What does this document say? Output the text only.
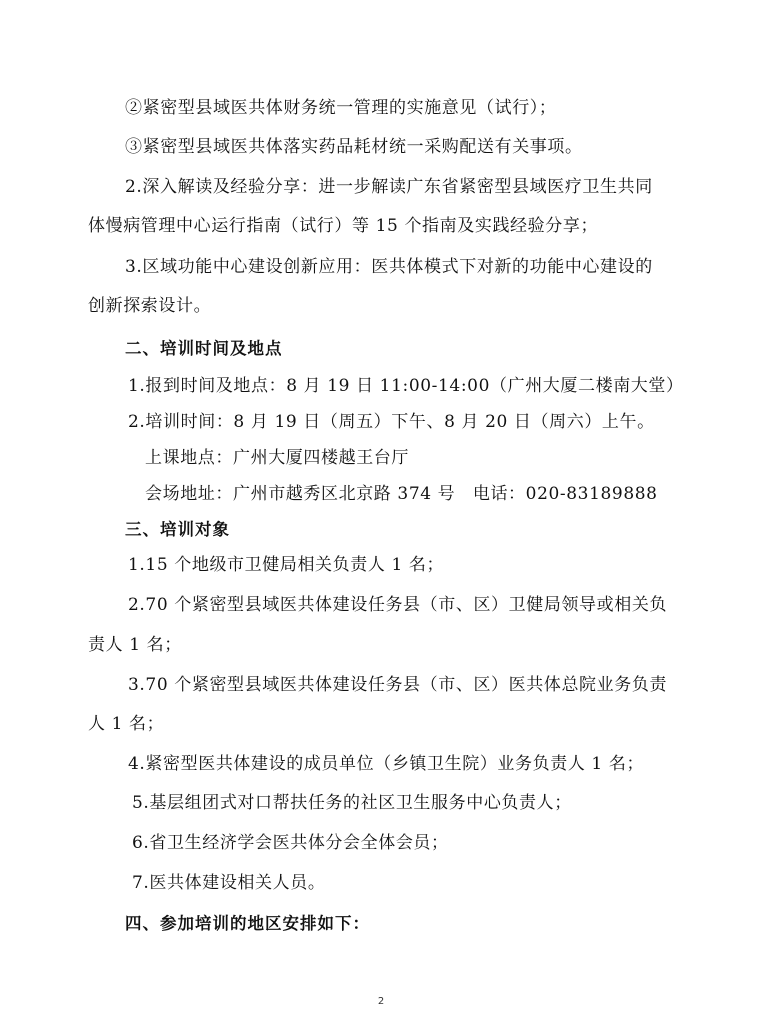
②紧密型县域医共体财务统一管理的实施意见（试行）；
③紧密型县域医共体落实药品耗材统一采购配送有关事项。
2.深入解读及经验分享：进一步解读广东省紧密型县域医疗卫生共同
体慢病管理中心运行指南（试行）等 15 个指南及实践经验分享；
3.区域功能中心建设创新应用：医共体模式下对新的功能中心建设的
创新探索设计。
二、培训时间及地点
1.报到时间及地点：8 月 19 日 11:00-14:00（广州大厦二楼南大堂）
2.培训时间：8 月 19 日（周五）下午、8 月 20 日（周六）上午。
上课地点：广州大厦四楼越王台厅
会场地址：广州市越秀区北京路 374 号　电话：020-83189888
三、培训对象
1.15 个地级市卫健局相关负责人 1 名；
2.70 个紧密型县域医共体建设任务县（市、区）卫健局领导或相关负
责人 1 名；
3.70 个紧密型县域医共体建设任务县（市、区）医共体总院业务负责
人 1 名；
4.紧密型医共体建设的成员单位（乡镇卫生院）业务负责人 1 名；
5.基层组团式对口帮扶任务的社区卫生服务中心负责人；
6.省卫生经济学会医共体分会全体会员；
7.医共体建设相关人员。
四、参加培训的地区安排如下：
2
